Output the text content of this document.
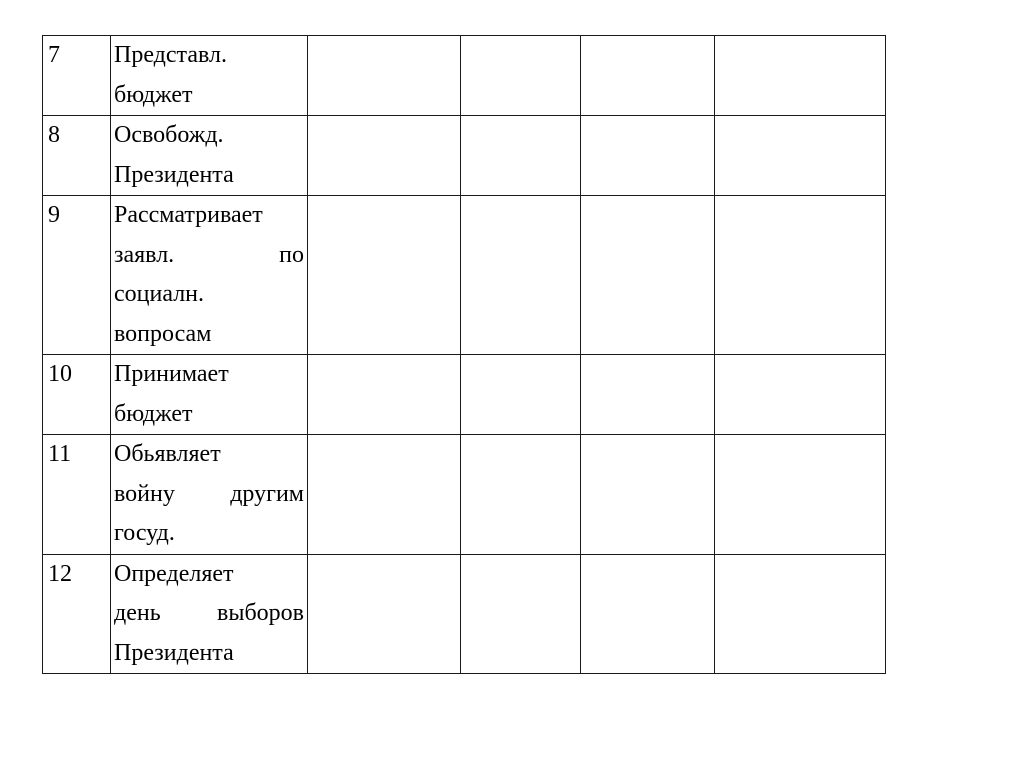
7	Представл.
бюджет				

8	Освобожд.
Президента				

9	Рассматривает
заявл. по
социалн.
вопросам				

10	Принимает
бюджет				

11	Обьявляет
войну другим
госуд.				

12	Определяет
день выборов
Президента				
